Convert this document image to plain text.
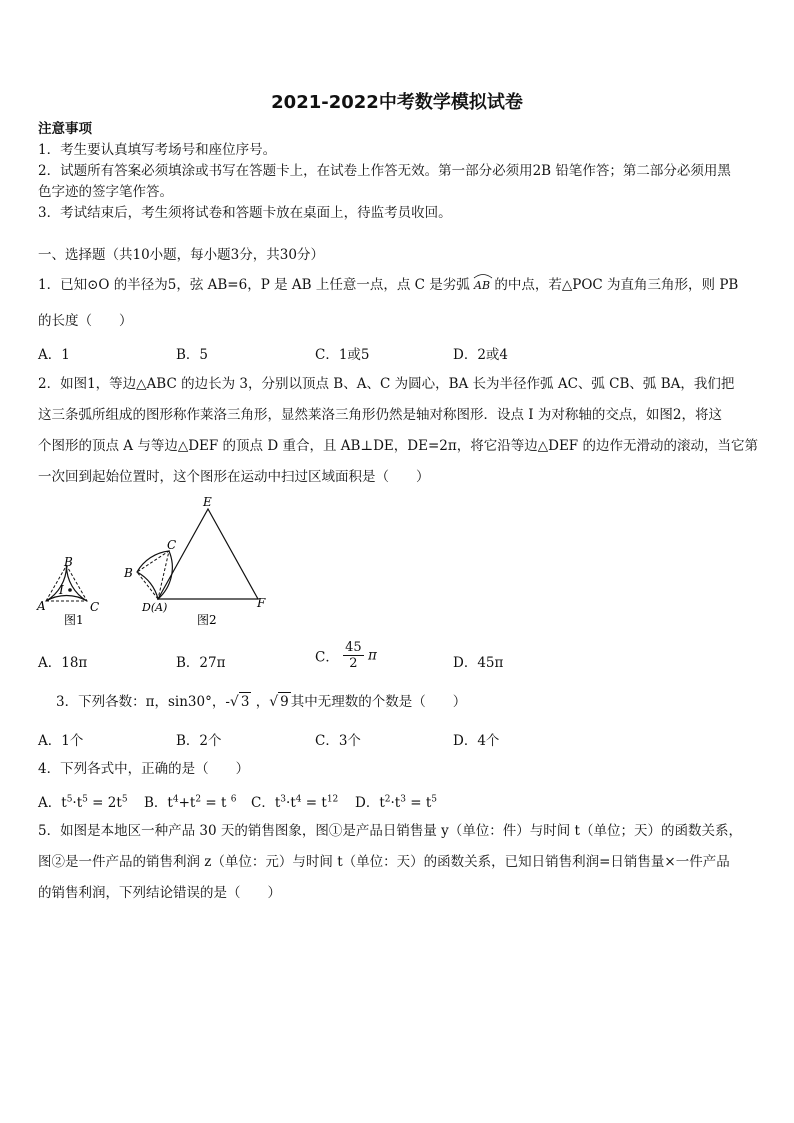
2021-2022中考数学模拟试卷
注意事项
1．考生要认真填写考场号和座位序号。
2．试题所有答案必须填涂或书写在答题卡上，在试卷上作答无效。第一部分必须用2B 铅笔作答；第二部分必须用黑
色字迹的签字笔作答。
3．考试结束后，考生须将试卷和答题卡放在桌面上，待监考员收回。
一、选择题（共10小题，每小题3分，共30分）
1．已知⊙O 的半径为5，弦 AB=6，P 是 AB 上任意一点，点 C 是劣弧 AB 的中点，若△POC 为直角三角形，则 PB
的长度（　　）
A．1	B．5	C．1或5	D．2或4
2．如图1，等边△ABC 的边长为 3，分别以顶点 B、A、C 为圆心，BA 长为半径作弧 AC、弧 CB、弧 BA，我们把
这三条弧所组成的图形称作莱洛三角形，显然莱洛三角形仍然是轴对称图形．设点 I 为对称轴的交点，如图2，将这
个图形的顶点 A 与等边△DEF 的顶点 D 重合，且 AB⊥DE，DE=2π，将它沿等边△DEF 的边作无滑动的滚动，当它第
一次回到起始位置时，这个图形在运动中扫过区域面积是（　　）
B
I
A	C
图1
E
C
B
D(A)	F
图2
A．18π	B．27π	C． $\frac{45}{2}$ π	D．45π
3．下列各数：π，sin30°，-√ 3 ，√ 9 其中无理数的个数是（　　）
A．1个	B．2个	C．3个	D．4个
4．下列各式中，正确的是（　　）
A．$t^5\cdot t^5 = 2t^5$ B．$t^4+t^2 = t$ $^6$ C．$t^3\cdot t^4 = t^{12}$ D．$t^2\cdot t^3 = t^5$
5．如图是本地区一种产品 30 天的销售图象，图①是产品日销售量 y（单位：件）与时间 t（单位；天）的函数关系，
图②是一件产品的销售利润 z（单位：元）与时间 t（单位：天）的函数关系，已知日销售利润=日销售量×一件产品
的销售利润，下列结论错误的是（　　）
